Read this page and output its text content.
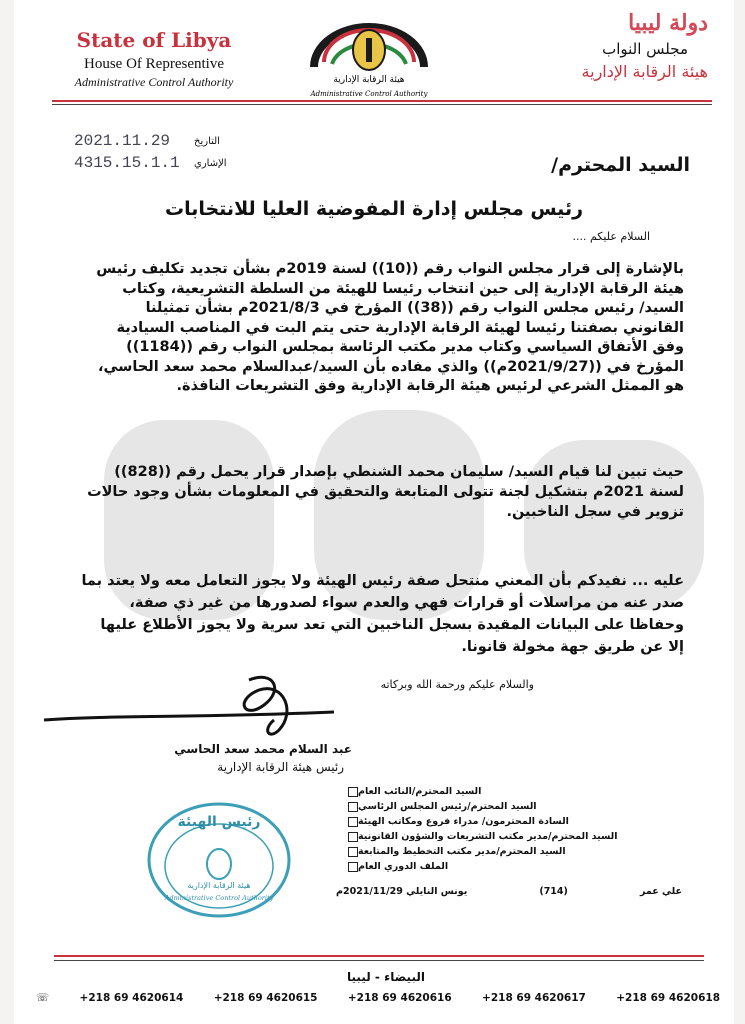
State of Libya
House Of Representive
Administrative Control Authority	هيئة الرقابة الإدارية
Administrative Control Authority
دولة ليبيا
مجلس النواب
هيئة الرقابة الإدارية
2021.11.29	التاريخ
4315.15.1.1	الإشاري	السيد المحترم/
رئيس مجلس إدارة المفوضية العليا للانتخابات
السلام عليكم ....

بالإشارة إلى قرار مجلس النواب رقم ((10)) لسنة 2019م بشأن تجديد تكليف رئيس هيئة الرقابة الإدارية إلى حين انتخاب رئيسا للهيئة من السلطة التشريعية، وكتاب السيد/ رئيس مجلس النواب رقم ((38)) المؤرخ في 2021/8/3م بشأن تمثيلنا القانوني بصفتنا رئيسا لهيئة الرقابة الإدارية حتى يتم البت في المناصب السيادية وفق الأتفاق السياسي وكتاب مدير مكتب الرئاسة بمجلس النواب رقم ((1184)) المؤرخ في ((2021/9/27م)) والذي مفاده بأن السيد/عبدالسلام محمد سعد الحاسي، هو الممثل الشرعي لرئيس هيئة الرقابة الإدارية وفق التشريعات النافذة.

حيث تبين لنا قيام السيد/ سليمان محمد الشنطي بإصدار قرار يحمل رقم ((828)) لسنة 2021م بتشكيل لجنة تتولى المتابعة والتحقيق في المعلومات بشأن وجود حالات تزوير في سجل الناخبين.

عليه ... نفيدكم بأن المعني منتحل صفة رئيس الهيئة ولا يجوز التعامل معه ولا يعتد بما صدر عنه من مراسلات أو قرارات فهي والعدم سواء لصدورها من غير ذي صفة، وحفاظا على البيانات المقيدة بسجل الناخبين التي تعد سرية ولا يجوز الأطلاع عليها إلا عن طريق جهة مخولة قانونا.

والسلام عليكم ورحمة الله وبركاته
عبد السلام محمد سعد الحاسي
رئيس هيئة الرقابة الإدارية
رئيس الهيئة
هيئة الرقابة الإدارية
Administrative Control Authority
السيد المحترم/النائب العام
السيد المحترم/رئيس المجلس الرئاسي
السادة المحترمون/ مدراء فروع ومكاتب الهيئة
السيد المحترم/مدير مكتب التشريعات والشؤون القانونية
السيد المحترم/مدير مكتب التخطيط والمتابعة
الملف الدوري العام
علي عمر
(714)
يونس النايلي 2021/11/29م
البيضاء - ليبيا
☏	+218 69 4620614	+218 69 4620615	+218 69 4620616	+218 69 4620617	+218 69 4620618
